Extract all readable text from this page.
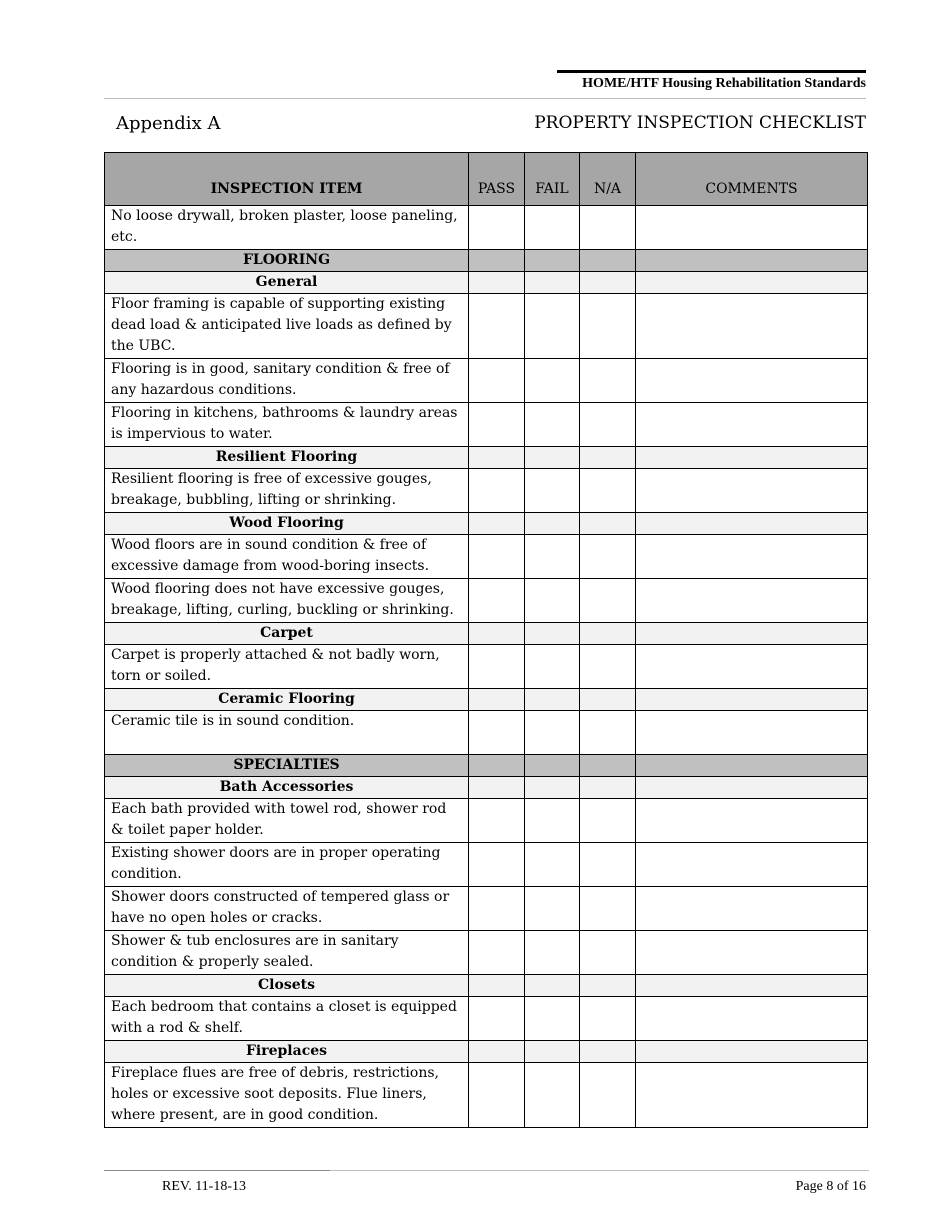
HOME/HTF Housing Rehabilitation Standards
Appendix A	PROPERTY INSPECTION CHECKLIST
INSPECTION ITEM	PASS	FAIL	N/A	COMMENTS
No loose drywall, broken plaster, loose paneling, etc.				
FLOORING				
General				
Floor framing is capable of supporting existing dead load & anticipated live loads as defined by the UBC.				
Flooring is in good, sanitary condition & free of any hazardous conditions.				
Flooring in kitchens, bathrooms & laundry areas is impervious to water.				
Resilient Flooring				
Resilient flooring is free of excessive gouges, breakage, bubbling, lifting or shrinking.				
Wood Flooring				
Wood floors are in sound condition & free of excessive damage from wood-boring insects.				
Wood flooring does not have excessive gouges, breakage, lifting, curling, buckling or shrinking.				
Carpet				
Carpet is properly attached & not badly worn, torn or soiled.				
Ceramic Flooring				
Ceramic tile is in sound condition.				
SPECIALTIES				
Bath Accessories				
Each bath provided with towel rod, shower rod & toilet paper holder.				
Existing shower doors are in proper operating condition.				
Shower doors constructed of tempered glass or have no open holes or cracks.				
Shower & tub enclosures are in sanitary condition & properly sealed.				
Closets				
Each bedroom that contains a closet is equipped with a rod & shelf.				
Fireplaces				
Fireplace flues are free of debris, restrictions, holes or excessive soot deposits. Flue liners, where present, are in good condition.				
REV. 11-18-13	Page 8 of 16
